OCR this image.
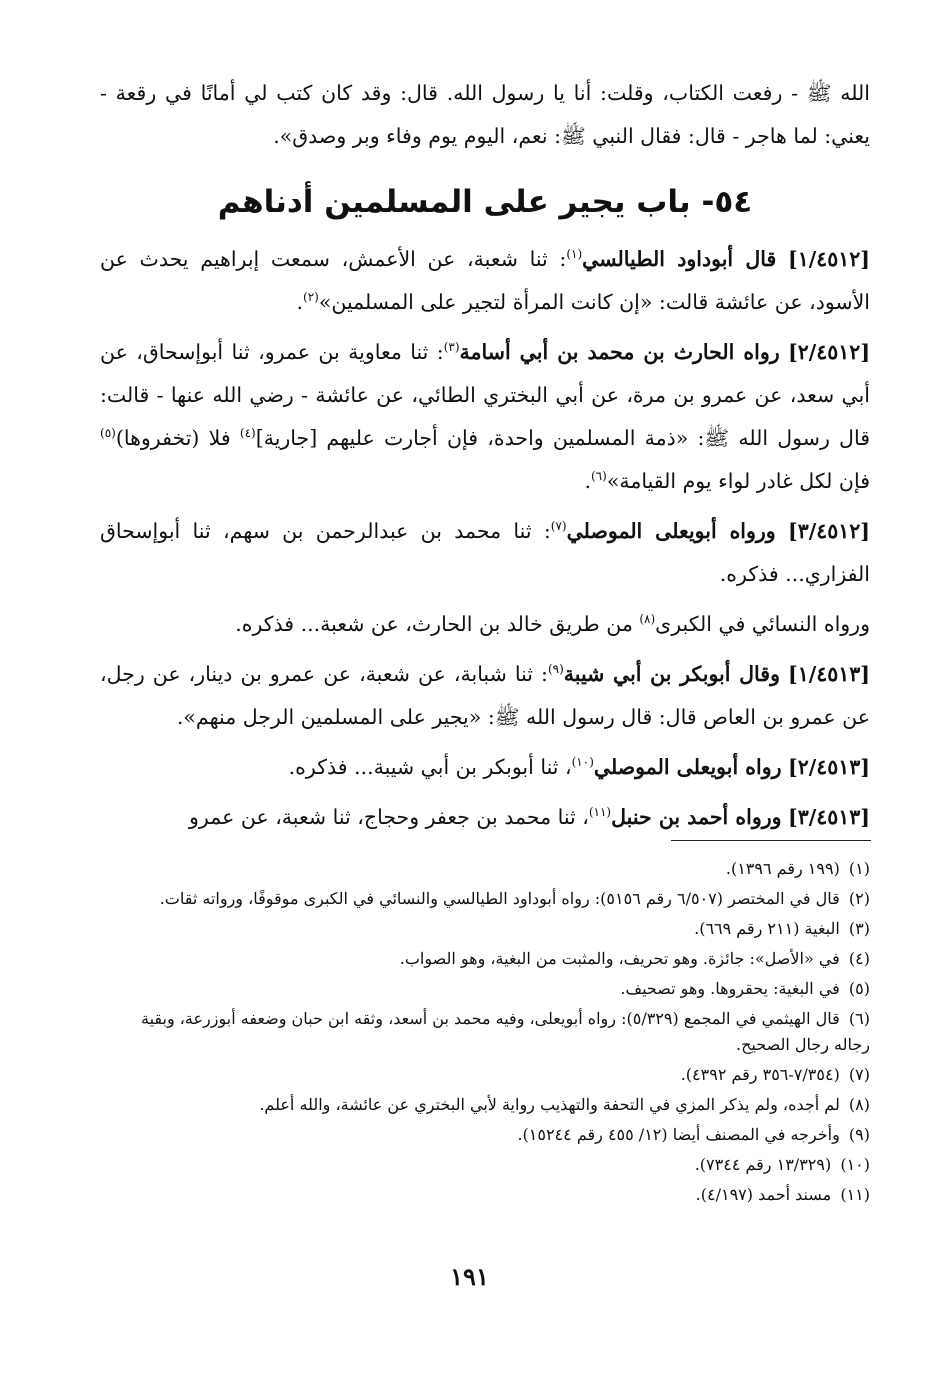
الله ﷺ - رفعت الكتاب، وقلت: أنا يا رسول الله. قال: وقد كان كتب لي أمانًا في رقعة - يعني: لما هاجر - قال: فقال النبي ﷺ: نعم، اليوم يوم وفاء وبر وصدق».

٥٤- باب يجير على المسلمين أدناهم

[١/٤٥١٢] قال أبوداود الطيالسي$^{(١)}$: ثنا شعبة، عن الأعمش، سمعت إبراهيم يحدث عن الأسود، عن عائشة قالت: «إن كانت المرأة لتجير على المسلمين»$^{(٢)}$.

[٢/٤٥١٢] رواه الحارث بن محمد بن أبي أسامة$^{(٣)}$: ثنا معاوية بن عمرو، ثنا أبوإسحاق، عن أبي سعد، عن عمرو بن مرة، عن أبي البختري الطائي، عن عائشة - رضي الله عنها - قالت: قال رسول الله ﷺ: «ذمة المسلمين واحدة، فإن أجارت عليهم [جارية]$^{(٤)}$ فلا (تخفروها)$^{(٥)}$ فإن لكل غادر لواء يوم القيامة»$^{(٦)}$.

[٣/٤٥١٢] ورواه أبويعلى الموصلي$^{(٧)}$: ثنا محمد بن عبدالرحمن بن سهم، ثنا أبوإسحاق الفزاري... فذكره.

ورواه النسائي في الكبرى$^{(٨)}$ من طريق خالد بن الحارث، عن شعبة... فذكره.

[١/٤٥١٣] وقال أبوبكر بن أبي شيبة$^{(٩)}$: ثنا شبابة، عن شعبة، عن عمرو بن دينار، عن رجل، عن عمرو بن العاص قال: قال رسول الله ﷺ: «يجير على المسلمين الرجل منهم».

[٢/٤٥١٣] رواه أبويعلى الموصلي$^{(١٠)}$، ثنا أبوبكر بن أبي شيبة... فذكره.

[٣/٤٥١٣] ورواه أحمد بن حنبل$^{(١١)}$، ثنا محمد بن جعفر وحجاج، ثنا شعبة، عن عمرو

(١) (١٩٩ رقم ١٣٩٦).

(٢) قال في المختصر (٦/٥٠٧ رقم ٥١٥٦): رواه أبوداود الطيالسي والنسائي في الكبرى موقوفًا، ورواته ثقات.

(٣) البغية (٢١١ رقم ٦٦٩).

(٤) في «الأصل»: جائزة. وهو تحريف، والمثبت من البغية، وهو الصواب.

(٥) في البغية: يحقروها. وهو تصحيف.

(٦) قال الهيثمي في المجمع (٥/٣٢٩): رواه أبويعلى، وفيه محمد بن أسعد، وثقه ابن حبان وضعفه أبوزرعة، وبقية رجاله رجال الصحيح.

(٧) (٧/٣٥٤-٣٥٦ رقم ٤٣٩٢).

(٨) لم أجده، ولم يذكر المزي في التحفة والتهذيب رواية لأبي البختري عن عائشة، والله أعلم.

(٩) وأخرجه في المصنف أيضا (١٢/ ٤٥٥ رقم ١٥٢٤٤).

(١٠) (١٣/٣٢٩ رقم ٧٣٤٤).

(١١) مسند أحمد (٤/١٩٧).

١٩١
